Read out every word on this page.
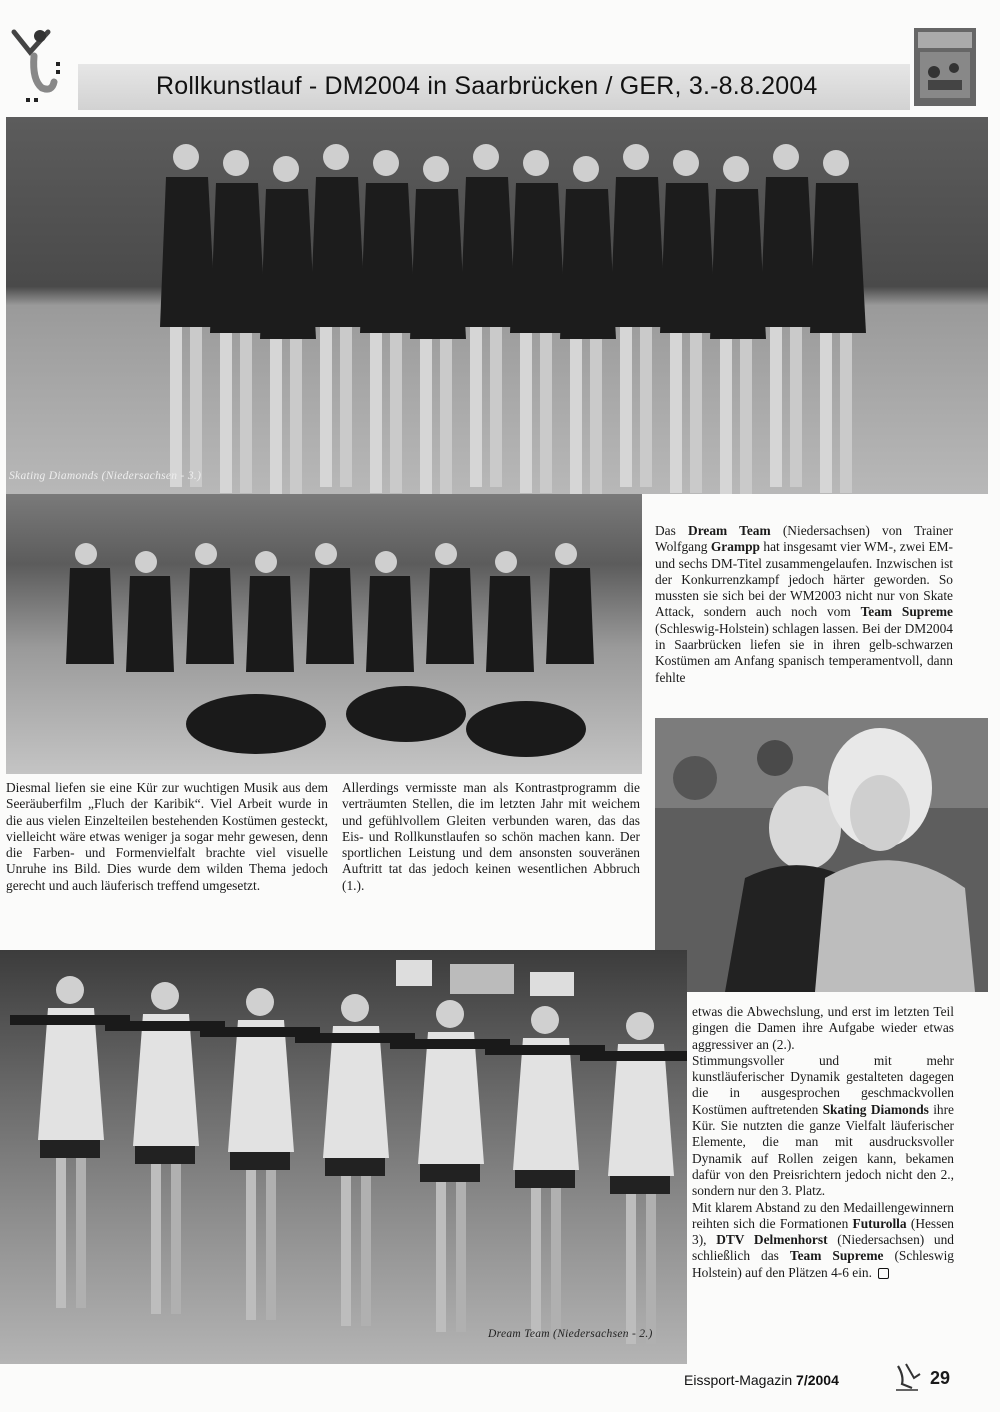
Rollkunstlauf - DM2004 in Saarbrücken / GER, 3.-8.8.2004
Skating Diamonds (Niedersachsen - 3.)

Das Dream Team (Niedersachsen) von Trainer Wolfgang Grampp hat insgesamt vier WM-, zwei EM- und sechs DM-Titel zusammengelaufen. Inzwischen ist der Konkurrenzkampf jedoch härter geworden. So mussten sie sich bei der WM2003 nicht nur von Skate Attack, sondern auch noch vom Team Supreme (Schleswig-Holstein) schlagen lassen. Bei der DM2004 in Saarbrücken liefen sie in ihren gelb-schwarzen Kostümen am Anfang spanisch temperamentvoll, dann fehlte

Diesmal liefen sie eine Kür zur wuchtigen Musik aus dem Seeräuberfilm „Fluch der Karibik“. Viel Arbeit wurde in die aus vielen Einzelteilen bestehenden Kostümen gesteckt, vielleicht wäre etwas weniger ja sogar mehr gewesen, denn die Farben- und Formenvielfalt brachte viel visuelle Unruhe ins Bild. Dies wurde dem wilden Thema jedoch gerecht und auch läuferisch treffend umgesetzt.

Allerdings vermisste man als Kontrastprogramm die verträumten Stellen, die im letzten Jahr mit weichem und gefühlvollem Gleiten verbunden waren, das das Eis- und Rollkunstlaufen so schön machen kann. Der sportlichen Leistung und dem ansonsten souveränen Auftritt tat das jedoch keinen wesentlichen Abbruch (1.).

Dream Team (Niedersachsen - 2.)

etwas die Abwechslung, und erst im letzten Teil gingen die Damen ihre Aufgabe wieder etwas aggressiver an (2.).

Stimmungsvoller und mit mehr kunstläuferischer Dynamik gestalteten dagegen die in ausgesprochen geschmackvollen Kostümen auftretenden Skating Diamonds ihre Kür. Sie nutzten die ganze Vielfalt läuferischer Elemente, die man mit ausdrucksvoller Dynamik auf Rollen zeigen kann, bekamen dafür von den Preisrichtern jedoch nicht den 2., sondern nur den 3. Platz.

Mit klarem Abstand zu den Medaillengewinnern reihten sich die Formationen Futurolla (Hessen 3), DTV Delmenhorst (Niedersachsen) und schließlich das Team Supreme (Schleswig Holstein) auf den Plätzen 4-6 ein.

Eissport-Magazin 7/2004	29
